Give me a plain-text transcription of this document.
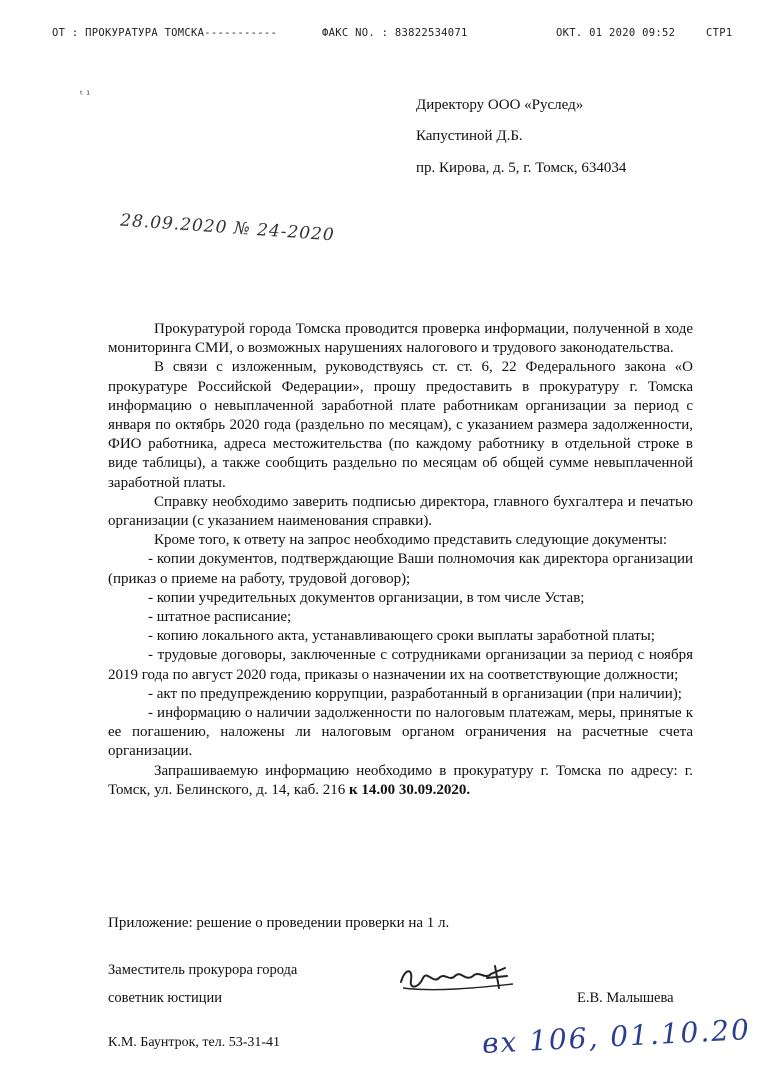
ОТ : ПРОКУРАТУРА ТОМСКА-----------	ФАКС NO. : 83822534071	ОКТ. 01 2020 09:52	СТР1
ᵗ ¹
Директору ООО «Руслед»
Капустиной Д.Б.
пр. Кирова, д. 5, г. Томск, 634034
28.09.2020 № 24-2020

Прокуратурой города Томска проводится проверка информации, полученной в ходе мониторинга СМИ, о возможных нарушениях налогового и трудового законодательства.

В связи с изложенным, руководствуясь ст. ст. 6, 22 Федерального закона «О прокуратуре Российской Федерации», прошу предоставить в прокуратуру г. Томска информацию о невыплаченной заработной плате работникам организации за период с января по октябрь 2020 года (раздельно по месяцам), с указанием размера задолженности, ФИО работника, адреса местожительства (по каждому работнику в отдельной строке в виде таблицы), а также сообщить раздельно по месяцам об общей сумме невыплаченной заработной платы.

Справку необходимо заверить подписью директора, главного бухгалтера и печатью организации (с указанием наименования справки).

Кроме того, к ответу на запрос необходимо представить следующие документы:

- копии документов, подтверждающие Ваши полномочия как директора организации (приказ о приеме на работу, трудовой договор);

- копии учредительных документов организации, в том числе Устав;

- штатное расписание;

- копию локального акта, устанавливающего сроки выплаты заработной платы;

- трудовые договоры, заключенные с сотрудниками организации за период с ноября 2019 года по август 2020 года, приказы о назначении их на соответствующие должности;

- акт по предупреждению коррупции, разработанный в организации (при наличии);

- информацию о наличии задолженности по налоговым платежам, меры, принятые к ее погашению, наложены ли налоговым органом ограничения на расчетные счета организации.

Запрашиваемую информацию необходимо в прокуратуру г. Томска по адресу: г. Томск, ул. Белинского, д. 14, каб. 216 к 14.00 30.09.2020.

Приложение: решение о проведении проверки на 1 л.
Заместитель прокурора города
советник юстиции	Е.В. Малышева
К.М. Баунтрок, тел. 53-31-41	вх 106, 01.10.20
